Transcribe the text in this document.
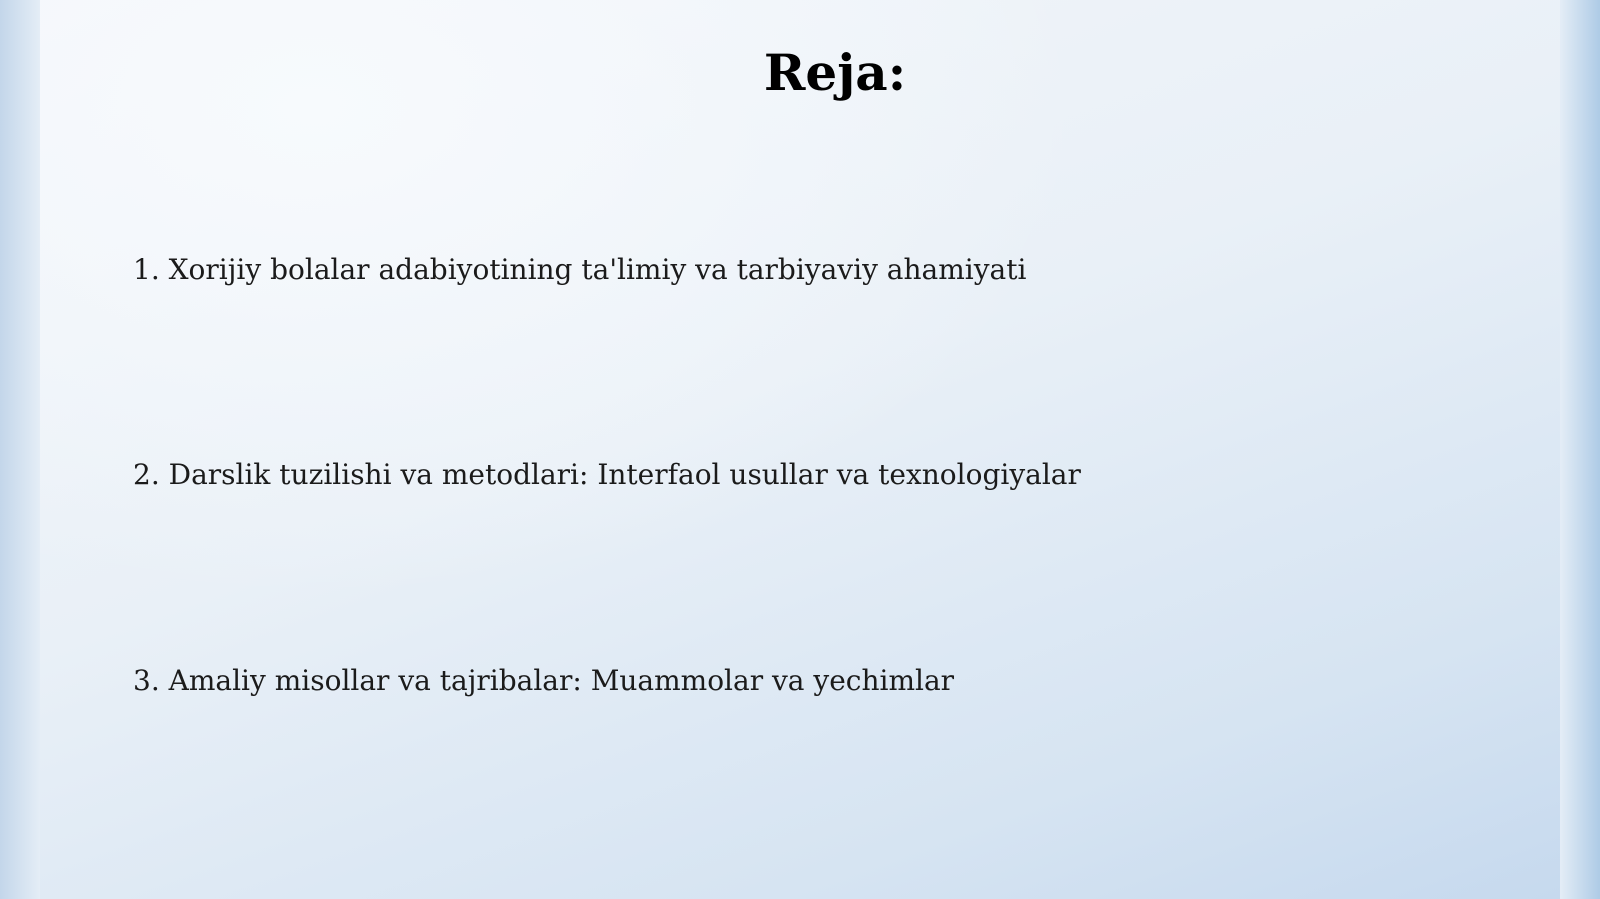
Reja:

1. Xorijiy bolalar adabiyotining ta'limiy va tarbiyaviy ahamiyati

2. Darslik tuzilishi va metodlari: Interfaol usullar va texnologiyalar

3. Amaliy misollar va tajribalar: Muammolar va yechimlar
